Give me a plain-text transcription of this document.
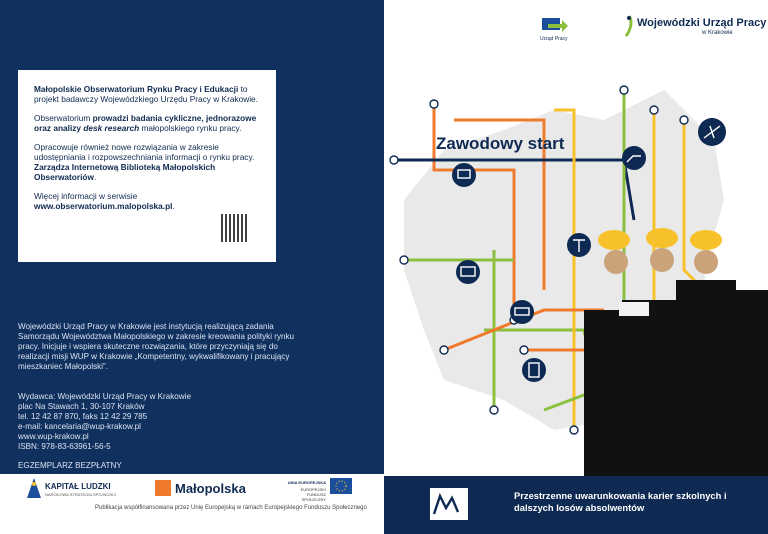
2013	Urząd Pracy
Wojewódzki Urząd Pracy
w Krakowie

Małopolskie Obserwatorium Rynku Pracy i Edukacji to projekt badawczy Wojewódzkiego Urzędu Pracy w Krakowie.

Obserwatorium prowadzi badania cykliczne, jednorazowe oraz analizy desk research małopolskiego rynku pracy.

Opracowuje również nowe rozwiązania w zakresie udostępniania i rozpowszechniania informacji o rynku pracy. Zarządza Internetową Biblioteką Małopolskich Obserwatoriów.

Więcej informacji w serwisie
www.obserwatorium.malopolska.pl.

Wojewódzki Urząd Pracy w Krakowie jest instytucją realizującą zadania Samorządu Województwa Małopolskiego w zakresie kreowania polityki rynku pracy. Inicjuje i wspiera skuteczne rozwiązania, które przyczyniają się do realizacji misji WUP w Krakowie „Kompetentny, wykwalifikowany i pracujący mieszkaniec Małopolski”.
Wydawca: Wojewódzki Urząd Pracy w Krakowie
plac Na Stawach 1, 30-107 Kraków
tel. 12 42 87 870, faks 12 42 29 785
e-mail: kancelaria@wup-krakow.pl
www.wup-krakow.pl
ISBN: 978-83-63961-56-5
EGZEMPLARZ BEZPŁATNY
KAPITAŁ LUDZKI
NARODOWA STRATEGIA SPÓJNOŚCI	Małopolska	UNIA EUROPEJSKA
EUROPEJSKI FUNDUSZ SPOŁECZNY
Publikacja współfinansowana przez Unię Europejską w ramach Europejskiego Funduszu Społecznego
Zawodowy start
Przestrzenne uwarunkowania karier szkolnych i dalszych losów absolwentów
